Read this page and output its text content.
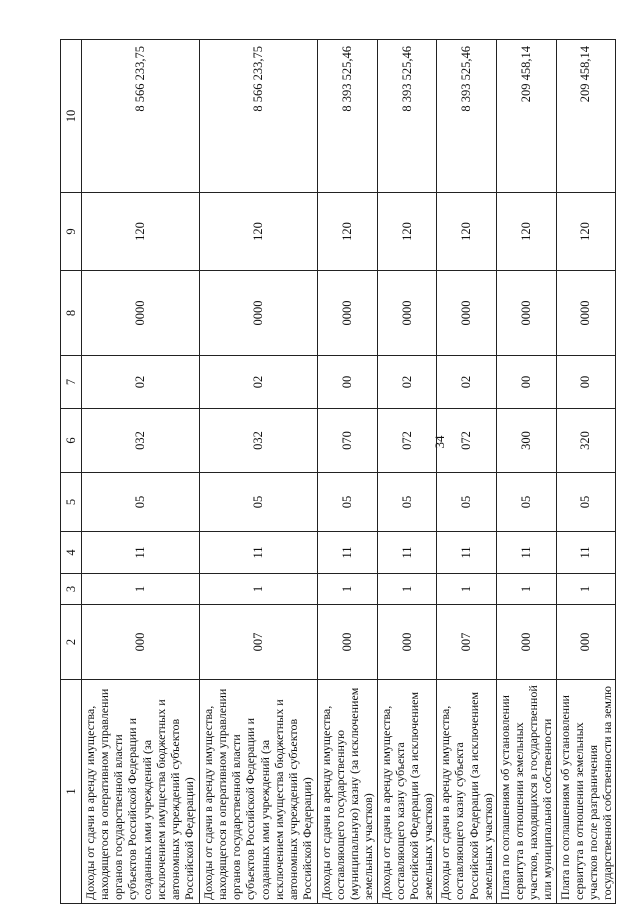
34
1	2	3	4	5	6	7	8	9	10
Доходы от сдачи в аренду имущества, находящегося в оперативном управлении органов государственной власти субъектов Российской Федерации и созданных ими учреждений (за исключением имущества бюджетных и автономных учреждений субъектов Российской Федерации)	000	1	11	05	032	02	0000	120	8 566 233,75
Доходы от сдачи в аренду имущества, находящегося в оперативном управлении органов государственной власти субъектов Российской Федерации и созданных ими учреждений (за исключением имущества бюджетных и автономных учреждений субъектов Российской Федерации)	007	1	11	05	032	02	0000	120	8 566 233,75
Доходы от сдачи в аренду имущества, составляющего государственную (муниципальную) казну (за исключением земельных участков)	000	1	11	05	070	00	0000	120	8 393 525,46
Доходы от сдачи в аренду имущества, составляющего казну субъекта Российской Федерации (за исключением земельных участков)	000	1	11	05	072	02	0000	120	8 393 525,46
Доходы от сдачи в аренду имущества, составляющего казну субъекта Российской Федерации (за исключением земельных участков)	007	1	11	05	072	02	0000	120	8 393 525,46
Плата по соглашениям об установлении сервитута в отношении земельных участков, находящихся в государственной или муниципальной собственности	000	1	11	05	300	00	0000	120	209 458,14
Плата по соглашениям об установлении сервитута в отношении земельных участков после разграничения государственной собственности на землю	000	1	11	05	320	00	0000	120	209 458,14
